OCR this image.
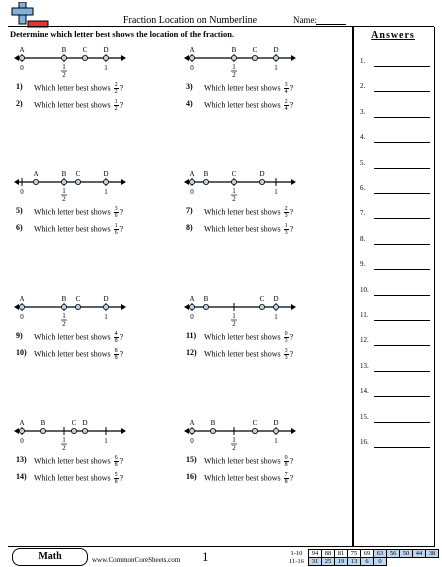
Fraction Location on Numberline	Name:
Determine which letter best shows the location of the fraction.	Answers
1.
2.
3.
4.
5.
6.
7.
8.
9.
10.
11.
12.
13.
14.
15.
16.
0	1
2
1
A	B C D
1) Which letter best shows $\frac{2}{2}$ ?
2) Which letter best shows $\frac{1}{2}$ ?
0	1
2
1
A	B C D
3) Which letter best shows $\frac{3}{4}$ ?
4) Which letter best shows $\frac{2}{4}$ ?
0	1
2
1
A	B C	D
5) Which letter best shows $\frac{3}{6}$ ?
6) Which letter best shows $\frac{1}{6}$ ?
0	1
2
1
A B	C	D
7) Which letter best shows $\frac{2}{3}$ ?
8) Which letter best shows $\frac{1}{3}$ ?
0	1
2
1
A	B C	D
9) Which letter best shows $\frac{4}{8}$ ?
10) Which letter best shows $\frac{8}{8}$ ?
0	1
2
1
A B	C D
11) Which letter best shows $\frac{0}{3}$ ?
12) Which letter best shows $\frac{3}{3}$ ?
0	1
2
1
A B	C D
13) Which letter best shows $\frac{6}{8}$ ?
14) Which letter best shows $\frac{5}{8}$ ?
0	1
2
1
A B	C D
15) Which letter best shows $\frac{0}{8}$ ?
16) Which letter best shows $\frac{7}{8}$ ?
Math	www.CommonCoreSheets.com 1	1-10	94	88	81	75	69	63	56	50	44	38
11-16	31	25	19	13	6	0				
